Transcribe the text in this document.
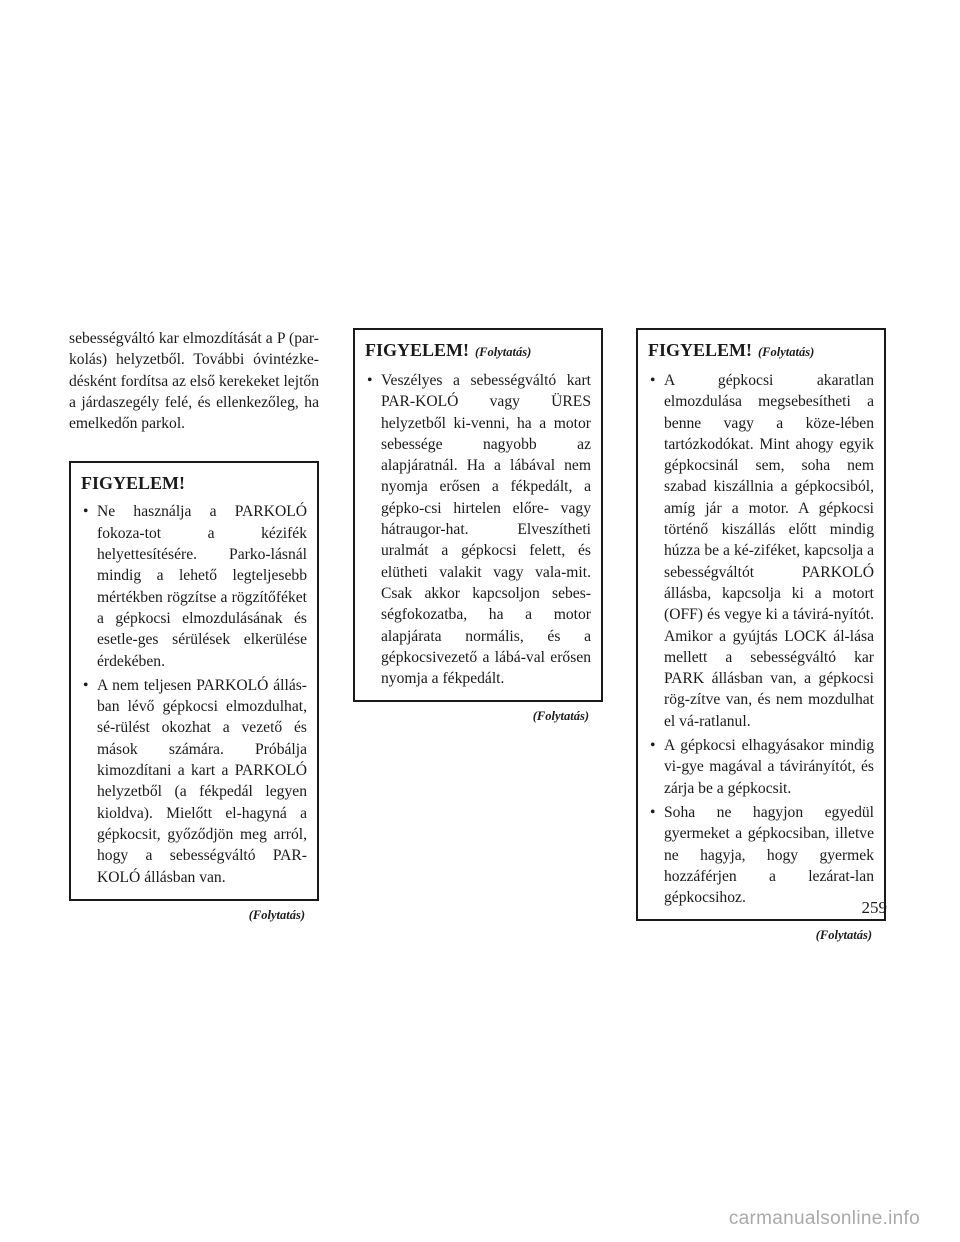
sebességváltó kar elmozdítását a P (par-kolás) helyzetből. További óvintézke-désként fordítsa az első kerekeket lejtőn a járdaszegély felé, és ellenkezőleg, ha emelkedőn parkol.

FIGYELEM!
• Ne használja a PARKOLÓ fokoza-tot a kézifék helyettesítésére. Parko-lásnál mindig a lehető legteljesebb mértékben rögzítse a rögzítőféket a gépkocsi elmozdulásának és esetle-ges sérülések elkerülése érdekében.
• A nem teljesen PARKOLÓ állás-ban lévő gépkocsi elmozdulhat, sé-rülést okozhat a vezető és mások számára. Próbálja kimozdítani a kart a PARKOLÓ helyzetből (a fékpedál legyen kioldva). Mielőtt el-hagyná a gépkocsit, győződjön meg arról, hogy a sebességváltó PAR-KOLÓ állásban van.
(Folytatás)
FIGYELEM! (Folytatás)
• Veszélyes a sebességváltó kart PAR-KOLÓ vagy ÜRES helyzetből ki-venni, ha a motor sebessége nagyobb az alapjáratnál. Ha a lábával nem nyomja erősen a fékpedált, a gépko-csi hirtelen előre- vagy hátraugor-hat. Elveszítheti uralmát a gépkocsi felett, és elütheti valakit vagy vala-mit. Csak akkor kapcsoljon sebes-ségfokozatba, ha a motor alapjárata normális, és a gépkocsivezető a lábá-val erősen nyomja a fékpedált.
(Folytatás)
FIGYELEM! (Folytatás)
• A gépkocsi akaratlan elmozdulása megsebesítheti a benne vagy a köze-lében tartózkodókat. Mint ahogy egyik gépkocsinál sem, soha nem szabad kiszállnia a gépkocsiból, amíg jár a motor. A gépkocsi történő kiszállás előtt mindig húzza be a ké-ziféket, kapcsolja a sebességváltót PARKOLÓ állásba, kapcsolja ki a motort (OFF) és vegye ki a távirá-nyítót. Amikor a gyújtás LOCK ál-lása mellett a sebességváltó kar PARK állásban van, a gépkocsi rög-zítve van, és nem mozdulhat el vá-ratlanul.
• A gépkocsi elhagyásakor mindig vi-gye magával a távirányítót, és zárja be a gépkocsit.
• Soha ne hagyjon egyedül gyermeket a gépkocsiban, illetve ne hagyja, hogy gyermek hozzáférjen a lezárat-lan gépkocsihoz.
(Folytatás)
259
carmanualsonline.info
